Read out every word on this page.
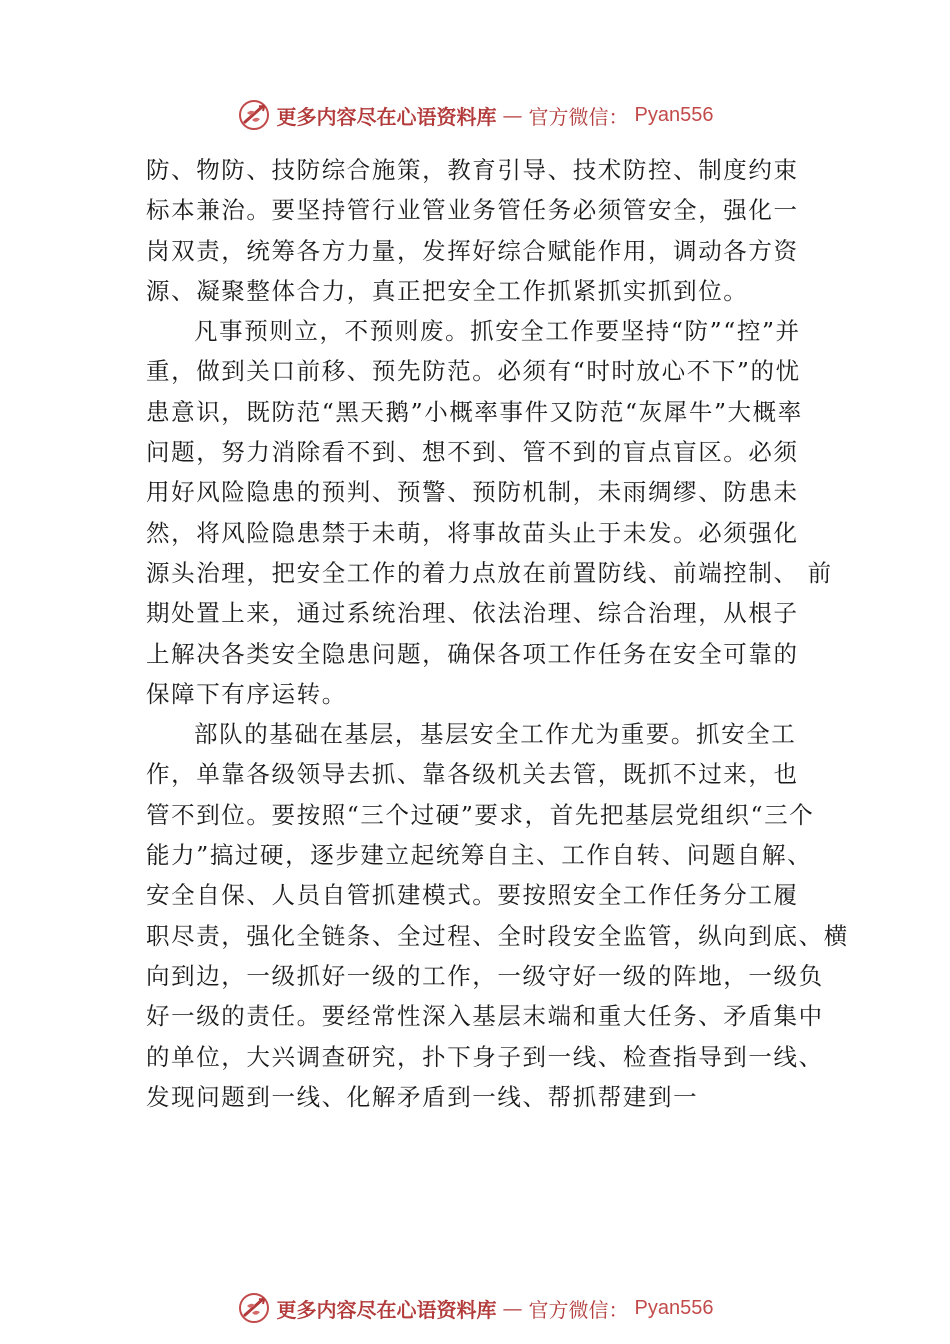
更多内容尽在心语资料库 — 官方微信： Pyan556
防、物防、技防综合施策，教育引导、技术防控、制度约束
标本兼治。要坚持管行业管业务管任务必须管安全，强化一
岗双责，统筹各方力量，发挥好综合赋能作用，调动各方资
源、凝聚整体合力，真正把安全工作抓紧抓实抓到位。
凡事预则立，不预则废。抓安全工作要坚持“防”“控”并
重，做到关口前移、预先防范。必须有“时时放心不下”的忧
患意识，既防范“黑天鹅”小概率事件又防范“灰犀牛”大概率
问题，努力消除看不到、想不到、管不到的盲点盲区。必须
用好风险隐患的预判、预警、预防机制，未雨绸缪、防患未
然，将风险隐患禁于未萌，将事故苗头止于未发。必须强化
源头治理，把安全工作的着力点放在前置防线、前端控制、 前
期处置上来，通过系统治理、依法治理、综合治理，从根子
上解决各类安全隐患问题，确保各项工作任务在安全可靠的
保障下有序运转。
部队的基础在基层，基层安全工作尤为重要。抓安全工
作，单靠各级领导去抓、靠各级机关去管，既抓不过来，也
管不到位。要按照“三个过硬”要求，首先把基层党组织“三个
能力”搞过硬，逐步建立起统筹自主、工作自转、问题自解、
安全自保、人员自管抓建模式。要按照安全工作任务分工履
职尽责，强化全链条、全过程、全时段安全监管，纵向到底、横
向到边，一级抓好一级的工作，一级守好一级的阵地，一级负
好一级的责任。要经常性深入基层末端和重大任务、矛盾集中
的单位，大兴调查研究，扑下身子到一线、检查指导到一线、
发现问题到一线、化解矛盾到一线、帮抓帮建到一
更多内容尽在心语资料库 — 官方微信： Pyan556
